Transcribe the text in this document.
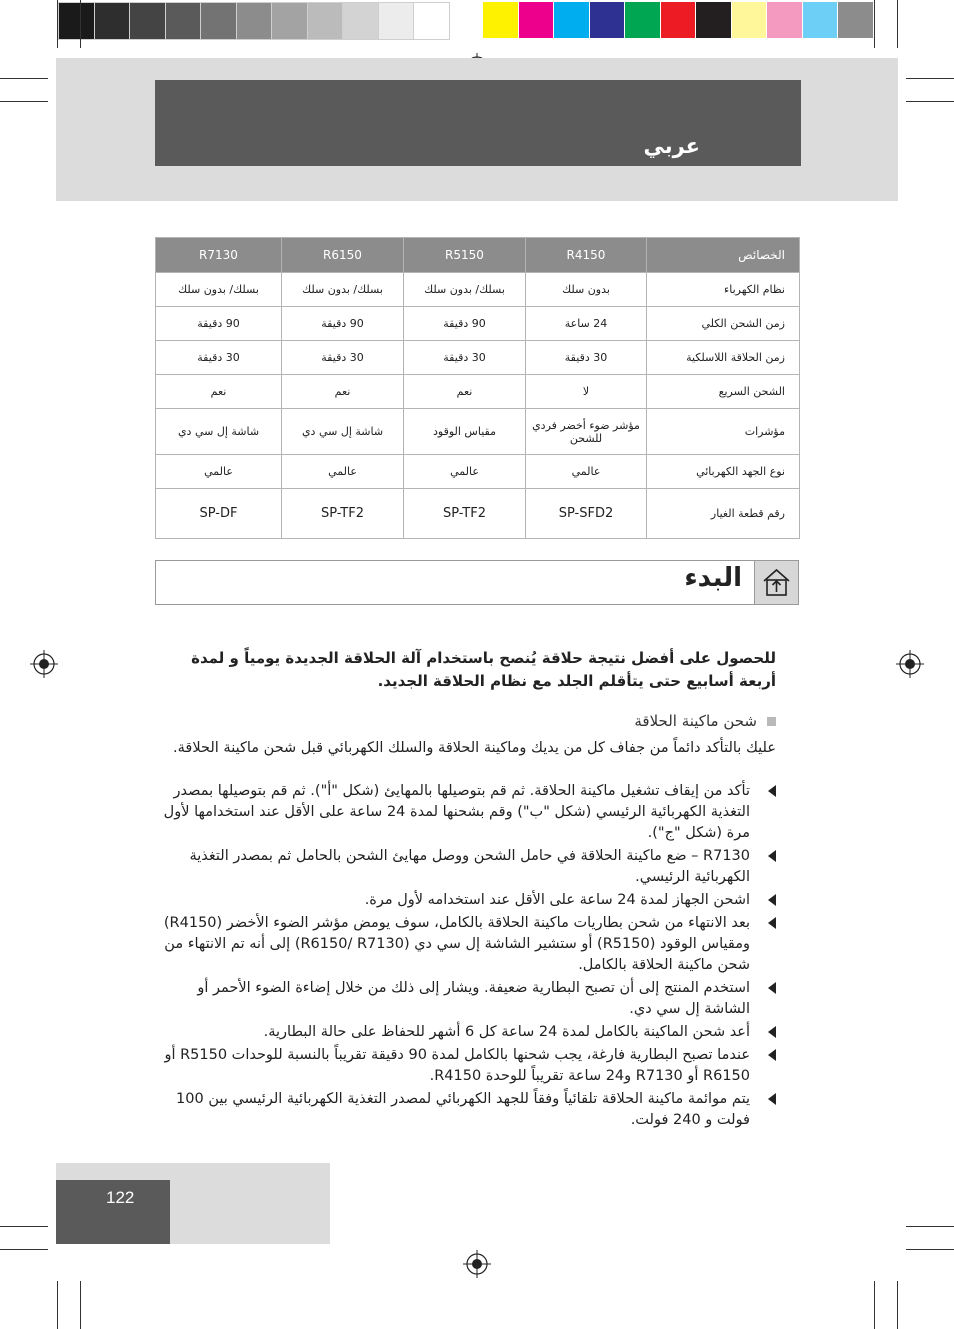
عربي
R7130	R6150	R5150	R4150	الخصائص
بسلك/ بدون سلك	بسلك/ بدون سلك	بسلك/ بدون سلك	بدون سلك	نظام الكهرباء
90 دقيقة	90 دقيقة	90 دقيقة	24 ساعة	زمن الشحن الكلي
30 دقيقة	30 دقيقة	30 دقيقة	30 دقيقة	زمن الحلاقة اللاسلكية
نعم	نعم	نعم	لا	الشحن السريع
شاشة إل سي دي	شاشة إل سي دي	مقياس الوقود	مؤشر ضوء أخضر فردي للشحن	مؤشرات
عالمي	عالمي	عالمي	عالمي	نوع الجهد الكهربائي
SP-DF	SP-TF2	SP-TF2	SP-SFD2	رقم قطعة الغيار
البدء
للحصول على أفضل نتيجة حلاقة يُنصح باستخدام آلة الحلاقة الجديدة يومياً و لمدة أربعة أسابيع حتى يتأقلم الجلد مع نظام الحلاقة الجديد.
شحن ماكينة الحلاقة
عليك بالتأكد دائماً من جفاف كل من يديك وماكينة الحلاقة والسلك الكهربائي قبل شحن ماكينة الحلاقة.
تأكد من إيقاف تشغيل ماكينة الحلاقة. ثم قم بتوصيلها بالمهايئ (شكل "أ"). ثم قم بتوصيلها بمصدر التغذية الكهربائية الرئيسي (شكل "ب") وقم بشحنها لمدة 24 ساعة على الأقل عند استخدامها لأول مرة (شكل "ج").
R7130 – ضع ماكينة الحلاقة في حامل الشحن ووصل مهايئ الشحن بالحامل ثم بمصدر التغذية الكهربائية الرئيسي.
اشحن الجهاز لمدة 24 ساعة على الأقل عند استخدامه لأول مرة.
بعد الانتهاء من شحن بطاريات ماكينة الحلاقة بالكامل، سوف يومض مؤشر الضوء الأخضر (R4150) ومقياس الوقود (R5150) أو ستشير الشاشة إل سي دي (R6150/ R7130) إلى أنه تم الانتهاء من شحن ماكينة الحلاقة بالكامل.
استخدم المنتج إلى أن تصبح البطارية ضعيفة. ويشار إلى ذلك من خلال إضاءة الضوء الأحمر أو الشاشة إل سي دي.
أعد شحن الماكينة بالكامل لمدة 24 ساعة كل 6 أشهر للحفاظ على حالة البطارية.
عندما تصبح البطارية فارغة، يجب شحنها بالكامل لمدة 90 دقيقة تقريباً بالنسبة للوحدات R5150 أو R6150 أو R7130 و24 ساعة تقريباً للوحدة R4150.
يتم موائمة ماكينة الحلاقة تلقائياً وفقاً للجهد الكهربائي لمصدر التغذية الكهربائية الرئيسي بين 100 فولت و 240 فولت.
122
